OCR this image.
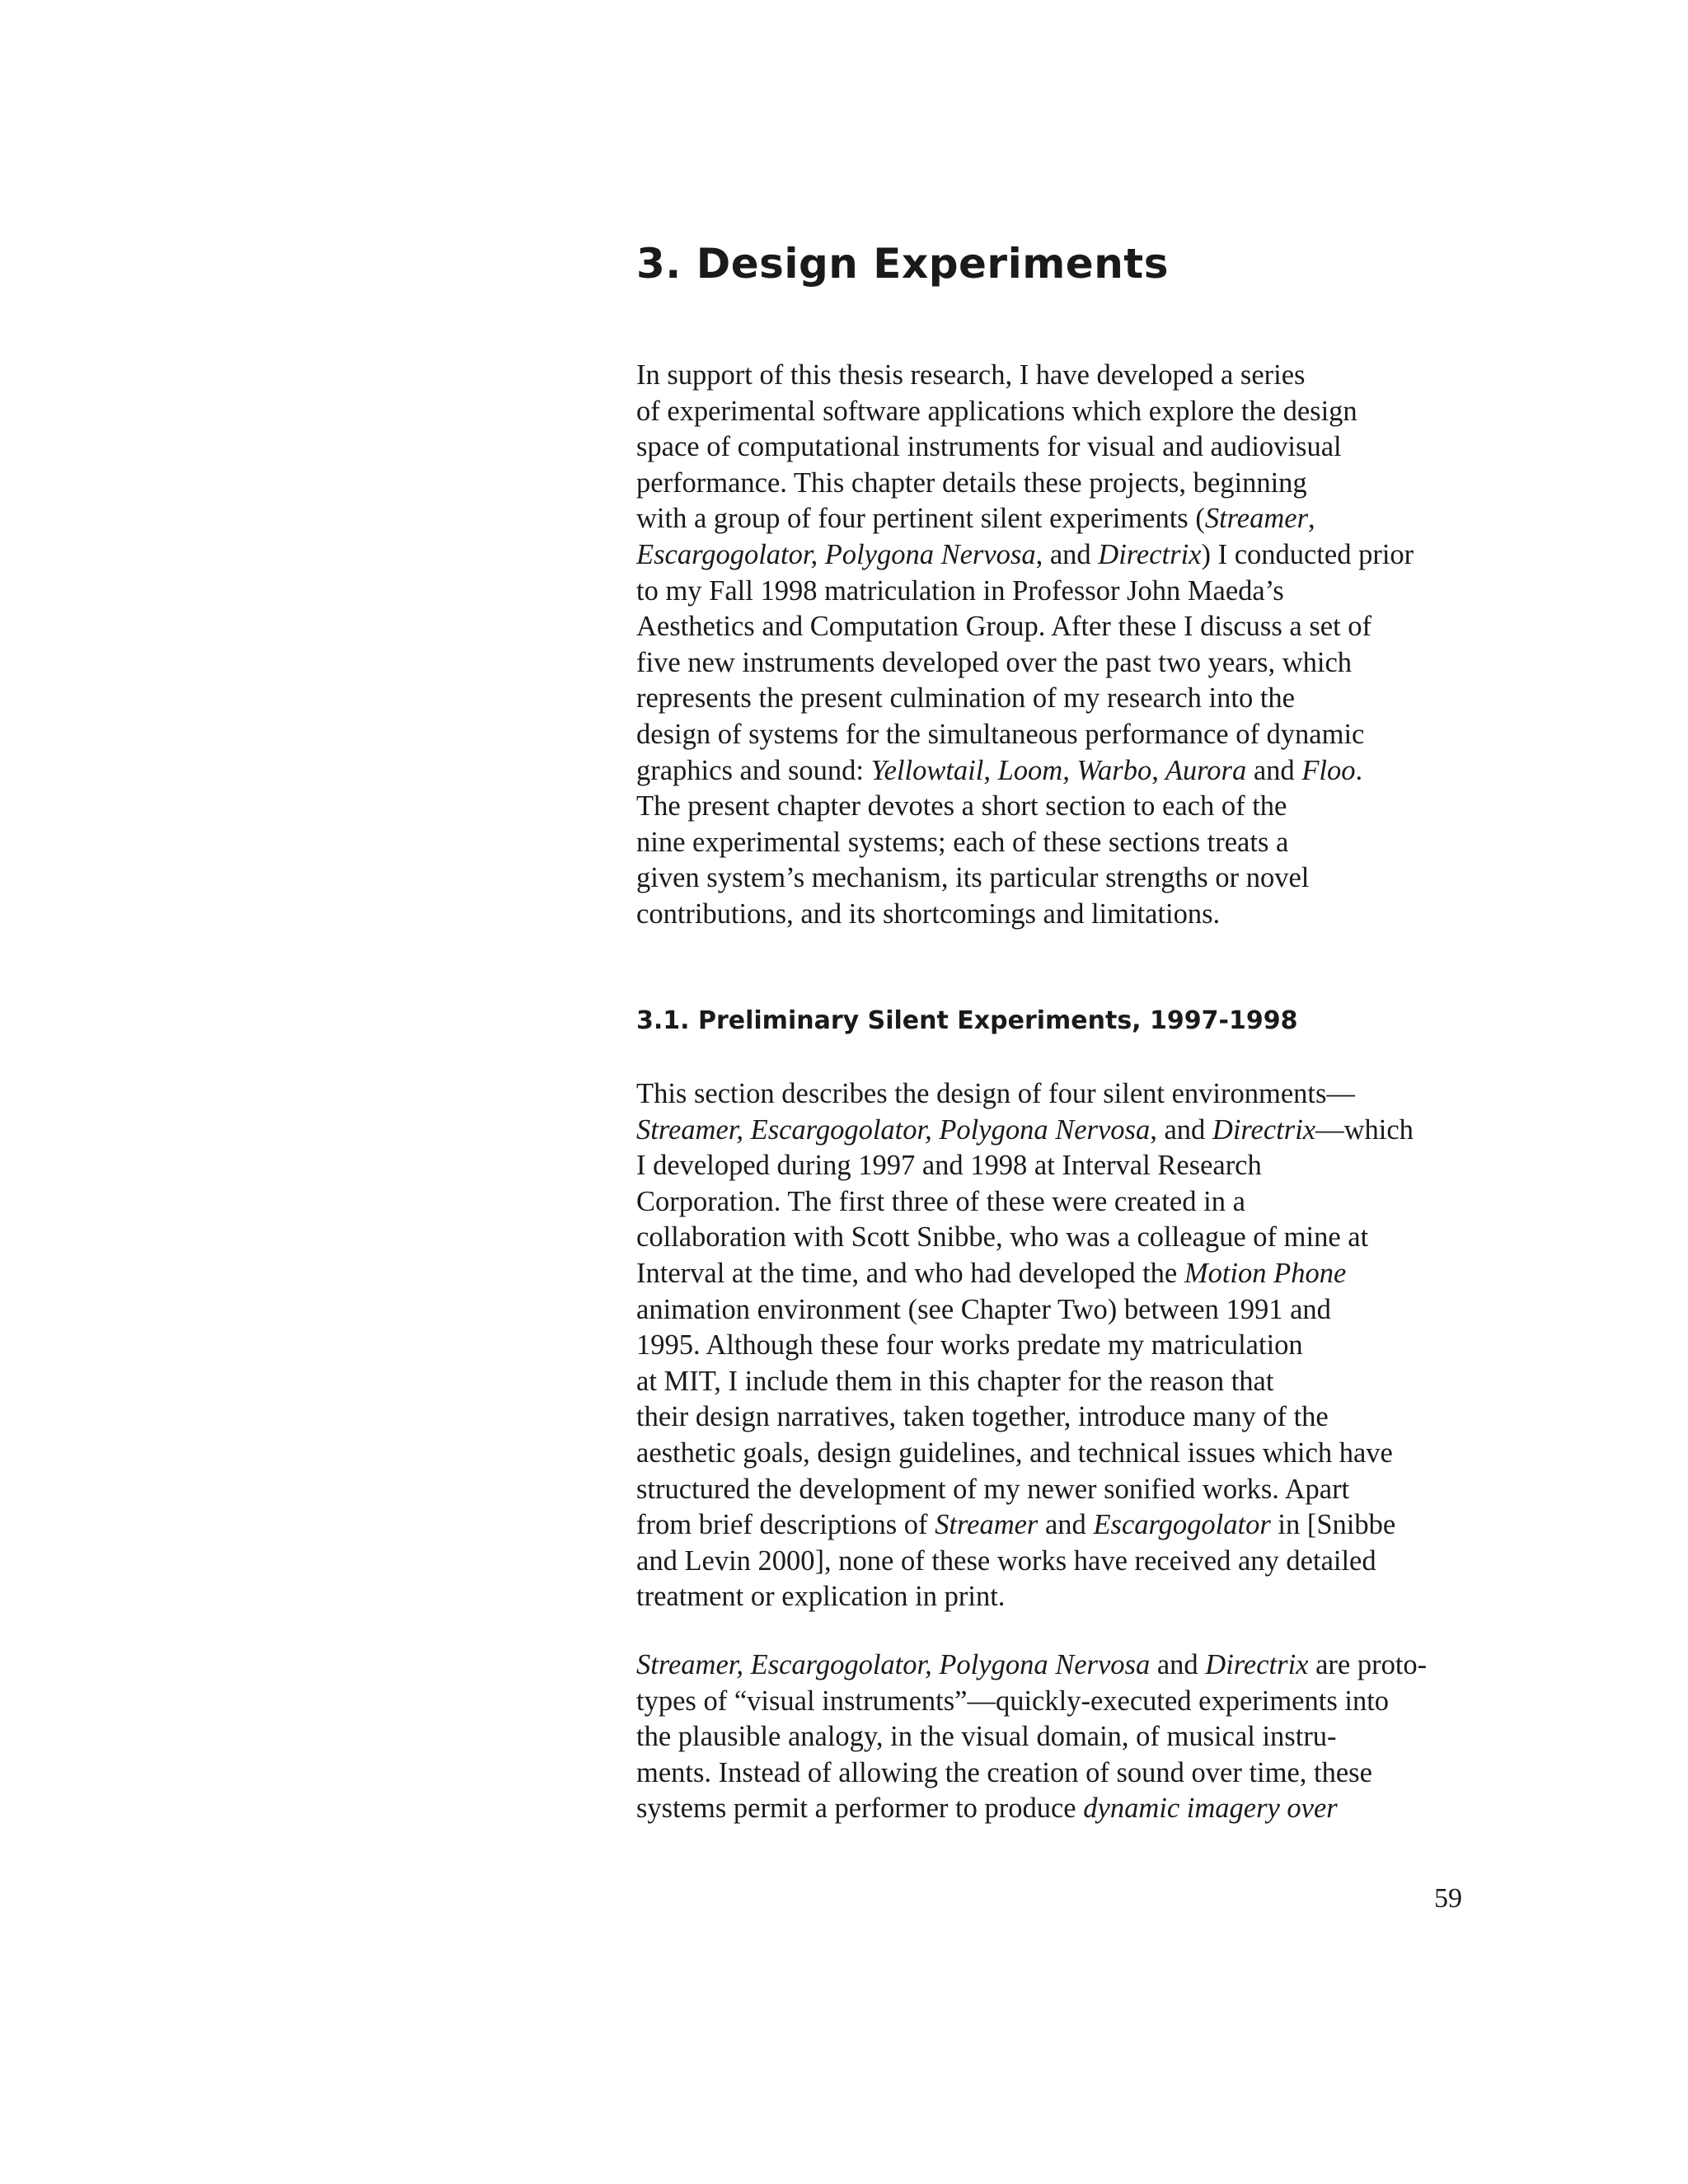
3. Design Experiments
In support of this thesis research, I have developed a series
of experimental software applications which explore the design
space of computational instruments for visual and audiovisual
performance. This chapter details these projects, beginning
with a group of four pertinent silent experiments (Streamer,
Escargogolator, Polygona Nervosa, and Directrix) I conducted prior
to my Fall 1998 matriculation in Professor John Maeda’s
Aesthetics and Computation Group. After these I discuss a set of
five new instruments developed over the past two years, which
represents the present culmination of my research into the
design of systems for the simultaneous performance of dynamic
graphics and sound: Yellowtail, Loom, Warbo, Aurora and Floo.
The present chapter devotes a short section to each of the
nine experimental systems; each of these sections treats a
given system’s mechanism, its particular strengths or novel
contributions, and its shortcomings and limitations.
3.1. Preliminary Silent Experiments, 1997-1998
This section describes the design of four silent environments—
Streamer, Escargogolator, Polygona Nervosa, and Directrix—which
I developed during 1997 and 1998 at Interval Research
Corporation. The first three of these were created in a
collaboration with Scott Snibbe, who was a colleague of mine at
Interval at the time, and who had developed the Motion Phone
animation environment (see Chapter Two) between 1991 and
1995. Although these four works predate my matriculation
at MIT, I include them in this chapter for the reason that
their design narratives, taken together, introduce many of the
aesthetic goals, design guidelines, and technical issues which have
structured the development of my newer sonified works. Apart
from brief descriptions of Streamer and Escargogolator in [Snibbe
and Levin 2000], none of these works have received any detailed
treatment or explication in print.
Streamer, Escargogolator, Polygona Nervosa and Directrix are proto-
types of “visual instruments”—quickly-executed experiments into
the plausible analogy, in the visual domain, of musical instru-
ments. Instead of allowing the creation of sound over time, these
systems permit a performer to produce dynamic imagery over
59
